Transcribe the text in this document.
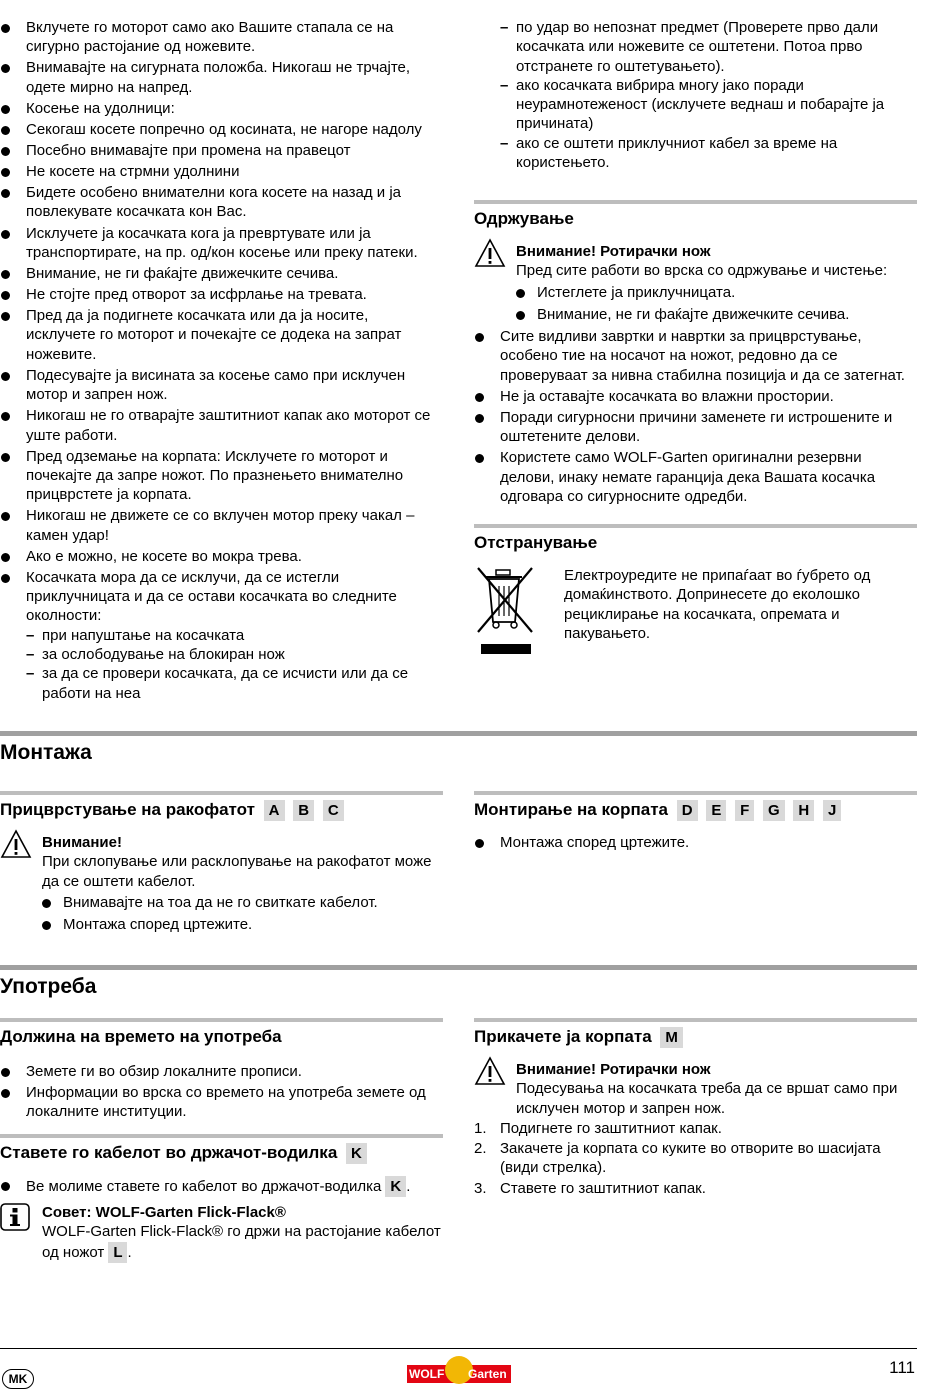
Вклучете го моторот само ако Вашите стапала се на сигурно растојание од ножевите.
Внимавајте на сигурната положба. Никогаш не трчајте, одете мирно на напред.
Косење на удолници:
Секогаш косете попречно од косината, не нагоре надолу
Посебно внимавајте при промена на правецот
Не косете на стрмни удолнини
Бидете особено внимателни кога косете на назад и ја повлекувате косачката кон Вас.
Исклучете ја косачката кога ја превртувате или ја транспортирате, на пр. од/кон косење или преку патеки.
Внимание, не ги фаќајте движечките сечива.
Не стојте пред отворот за исфрлање на тревата.
Пред да ја подигнете косачката или да ја носите, исклучете го моторот и почекајте се додека на запрат ножевите.
Подесувајте ја висината за косење само при исклучен мотор и запрен нож.
Никогаш не го отварајте заштитниот капак ако моторот се уште работи.
Пред одземање на корпата: Исклучете го моторот и почекајте да запре ножот. По празнењето внимателно прицврстете ја корпата.
Никогаш не движете се со вклучен мотор преку чакал – камен удар!
Ако е можно, не косете во мокра трева.
Косачката мора да се исклучи, да се истегли приклучницата и да се остави косачката во следните околности:
– при напуштање на косачката
– за ослободување на блокиран нож
– за да се провери косачката, да се исчисти или да се работи на неа
– по удар во непознат предмет (Проверете прво дали косачката или ножевите се оштетени. Потоа прво отстранете го оштетувањето).
– ако косачката вибрира многу јако поради неурамнотеженост (исклучете веднаш и побарајте ја причината)
– ако се оштети приклучниот кабел за време на користењето.
Одржување
Внимание! Ротирачки нож
Пред сите работи во врска со одржување и чистење:
Истеглете ја приклучницата.
Внимание, не ги фаќајте движечките сечива.
Сите видливи завртки и навртки за прицврстување, особено тие на носачот на ножот, редовно да се проверуваат за нивна стабилна позиција и да се затегнат.
Не ја оставајте косачката во влажни простории.
Поради сигурносни причини заменете ги истрошените и оштетените делови.
Користете само WOLF-Garten оригинални резервни делови, инаку немате гаранција дека Вашата косачка одговара со сигурносните одредби.
Отстранување
Електроуредите не припаѓаат во ѓубрето од домаќинството. Допринесете до еколошко рециклирање на косачката, опремата и пакувањето.
Монтажа
Прицврстување на ракофатот A B C
Внимание!
При склопување или расклопување на ракофатот може да се оштети кабелот.
Внимавајте на тоа да не го свиткате кабелот.
Монтажа според цртежите.
Монтирање на корпата D E F G H J
Монтажа според цртежите.
Употреба
Должина на времето на употреба
Земете ги во обзир локалните прописи.
Информации во врска со времето на употреба земете од локалните институции.
Ставете го кабелот во држачот-водилка K
Ве молиме ставете го кабелот во држачот-водилка K .
Совет: WOLF-Garten Flick-Flack®
WOLF-Garten Flick-Flack® го држи на растојание кабелот од ножот L .
Прикачете ја корпата M
Внимание! Ротирачки нож
Подесувања на косачката треба да се вршат само при исклучен мотор и запрен нож.
1. Подигнете го заштитниот капак.
2. Закачете ја корпата со куките во отворите во шасијата (види стрелка).
3. Ставете го заштитниот капак.
MK	WOLF Garten	111
